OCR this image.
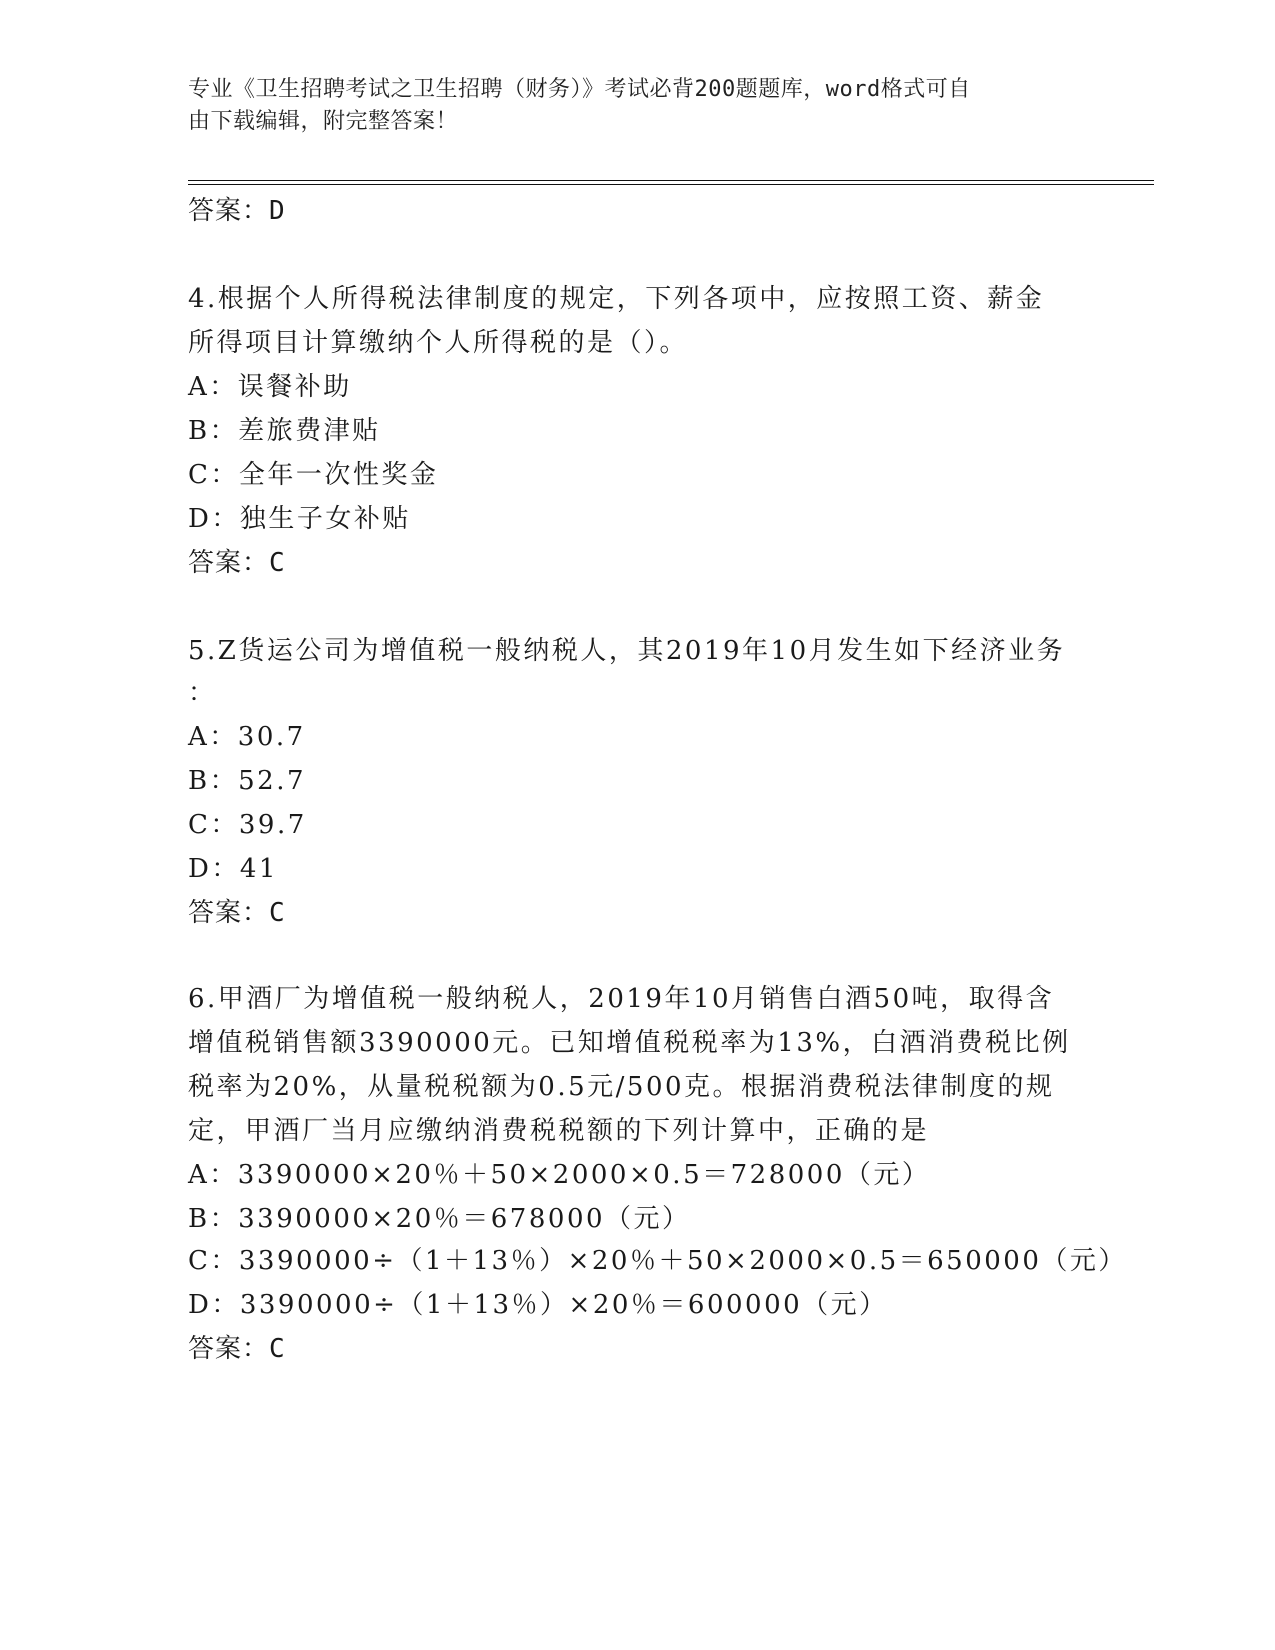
专业《卫生招聘考试之卫生招聘（财务）》考试必背200题题库，word格式可自
由下载编辑，附完整答案！
答案：D
4.根据个人所得税法律制度的规定，下列各项中，应按照工资、薪金
所得项目计算缴纳个人所得税的是（）。
A：误餐补助
B：差旅费津贴
C：全年一次性奖金
D：独生子女补贴
答案：C
5.Z货运公司为增值税一般纳税人，其2019年10月发生如下经济业务
：
A：30.7
B：52.7
C：39.7
D：41
答案：C
6.甲酒厂为增值税一般纳税人，2019年10月销售白酒50吨，取得含
增值税销售额3390000元。已知增值税税率为13%，白酒消费税比例
税率为20%，从量税税额为0.5元/500克。根据消费税法律制度的规
定，甲酒厂当月应缴纳消费税税额的下列计算中，正确的是
A：3390000×20％＋50×2000×0.5＝728000（元）
B：3390000×20％＝678000（元）
C：3390000÷（1＋13％）×20％＋50×2000×0.5＝650000（元）
D：3390000÷（1＋13％）×20％＝600000（元）
答案：C
